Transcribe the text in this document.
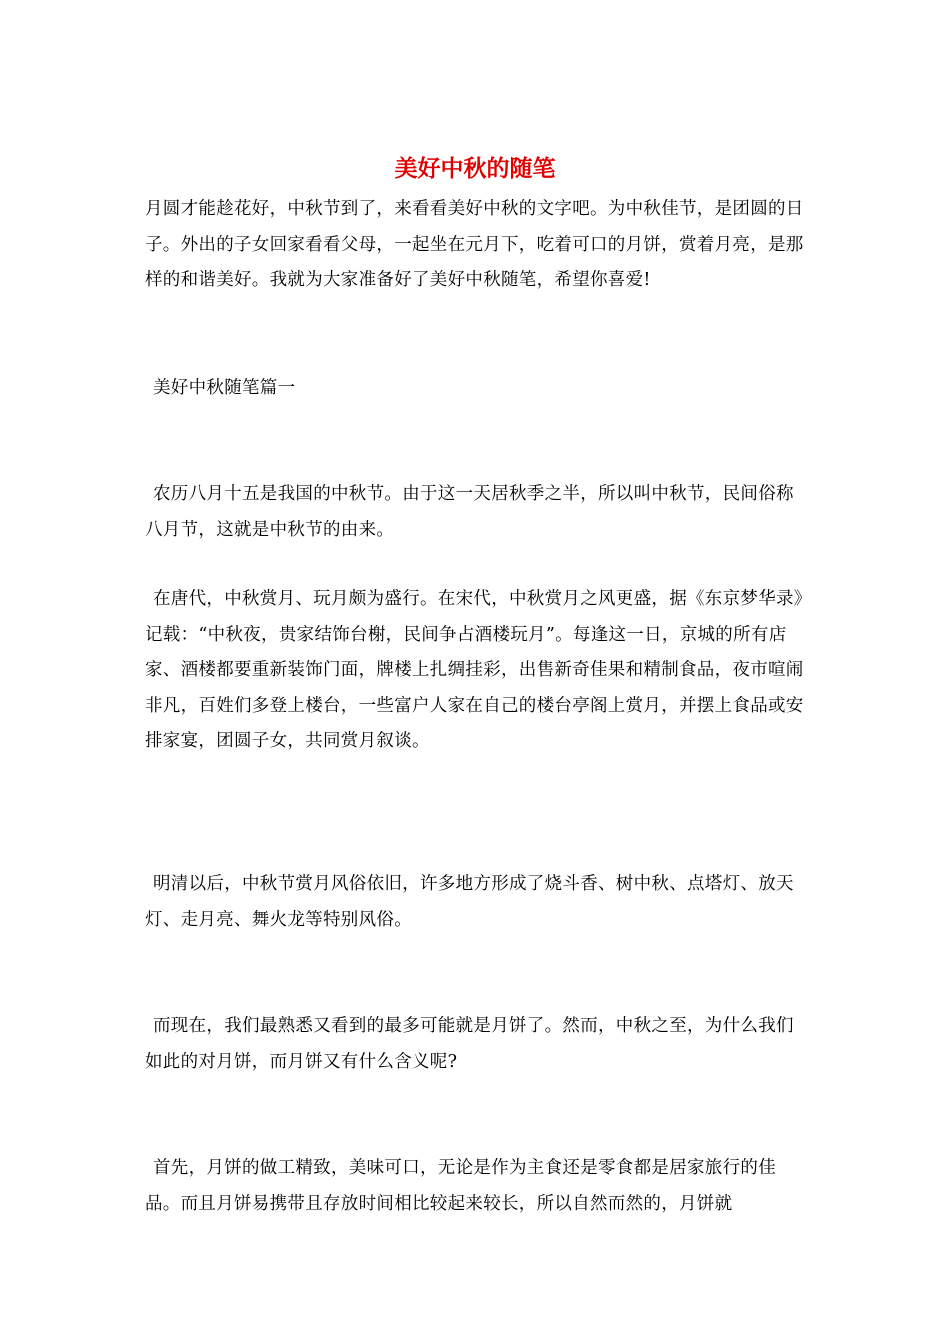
美好中秋的随笔

月圆才能趁花好，中秋节到了，来看看美好中秋的文字吧。为中秋佳节，是团圆的日子。外出的子女回家看看父母，一起坐在元月下，吃着可口的月饼，赏着月亮，是那样的和谐美好。我就为大家准备好了美好中秋随笔，希望你喜爱!

美好中秋随笔篇一

农历八月十五是我国的中秋节。由于这一天居秋季之半，所以叫中秋节，民间俗称八月节，这就是中秋节的由来。

在唐代，中秋赏月、玩月颇为盛行。在宋代，中秋赏月之风更盛，据《东京梦华录》记载：“中秋夜，贵家结饰台榭，民间争占酒楼玩月”。每逢这一日，京城的所有店家、酒楼都要重新装饰门面，牌楼上扎绸挂彩，出售新奇佳果和精制食品，夜市喧闹非凡，百姓们多登上楼台，一些富户人家在自己的楼台亭阁上赏月，并摆上食品或安排家宴，团圆子女，共同赏月叙谈。

明清以后，中秋节赏月风俗依旧，许多地方形成了烧斗香、树中秋、点塔灯、放天灯、走月亮、舞火龙等特别风俗。

而现在，我们最熟悉又看到的最多可能就是月饼了。然而，中秋之至，为什么我们如此的对月饼，而月饼又有什么含义呢?

首先，月饼的做工精致，美味可口，无论是作为主食还是零食都是居家旅行的佳品。而且月饼易携带且存放时间相比较起来较长，所以自然而然的，月饼就
